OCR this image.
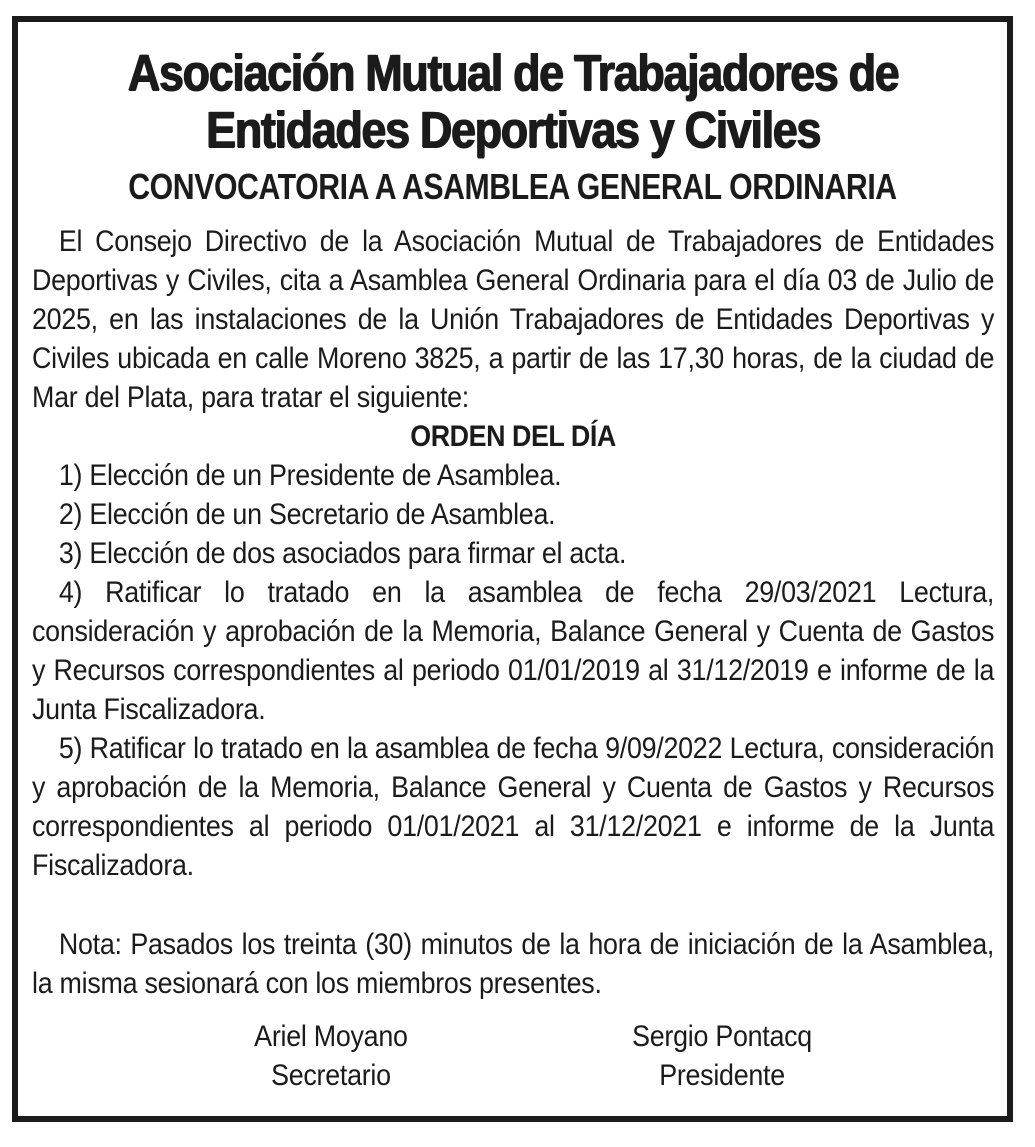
Asociación Mutual de Trabajadores de
Entidades Deportivas y Civiles
CONVOCATORIA A ASAMBLEA GENERAL ORDINARIA

El Consejo Directivo de la Asociación Mutual de Trabajadores de Entidades Deportivas y Civiles, cita a Asamblea General Ordinaria para el día 03 de Julio de 2025, en las instalaciones de la Unión Trabajadores de Entidades Deportivas y Civiles ubicada en calle Moreno 3825, a partir de las 17,30 horas, de la ciudad de Mar del Plata, para tratar el siguiente:

ORDEN DEL DÍA

1) Elección de un Presidente de Asamblea.

2) Elección de un Secretario de Asamblea.

3) Elección de dos asociados para firmar el acta.

4) Ratificar lo tratado en la asamblea de fecha 29/03/2021 Lectura, consideración y aprobación de la Memoria, Balance General y Cuenta de Gastos y Recursos correspondientes al periodo 01/01/2019 al 31/12/2019 e informe de la Junta Fiscalizadora.

5) Ratificar lo tratado en la asamblea de fecha 9/09/2022 Lectura, consideración y aprobación de la Memoria, Balance General y Cuenta de Gastos y Recursos correspondientes al periodo 01/01/2021 al 31/12/2021 e informe de la Junta Fiscalizadora.

Nota: Pasados los treinta (30) minutos de la hora de iniciación de la Asamblea, la misma sesionará con los miembros presentes.

Ariel Moyano
Secretario
Sergio Pontacq
Presidente
